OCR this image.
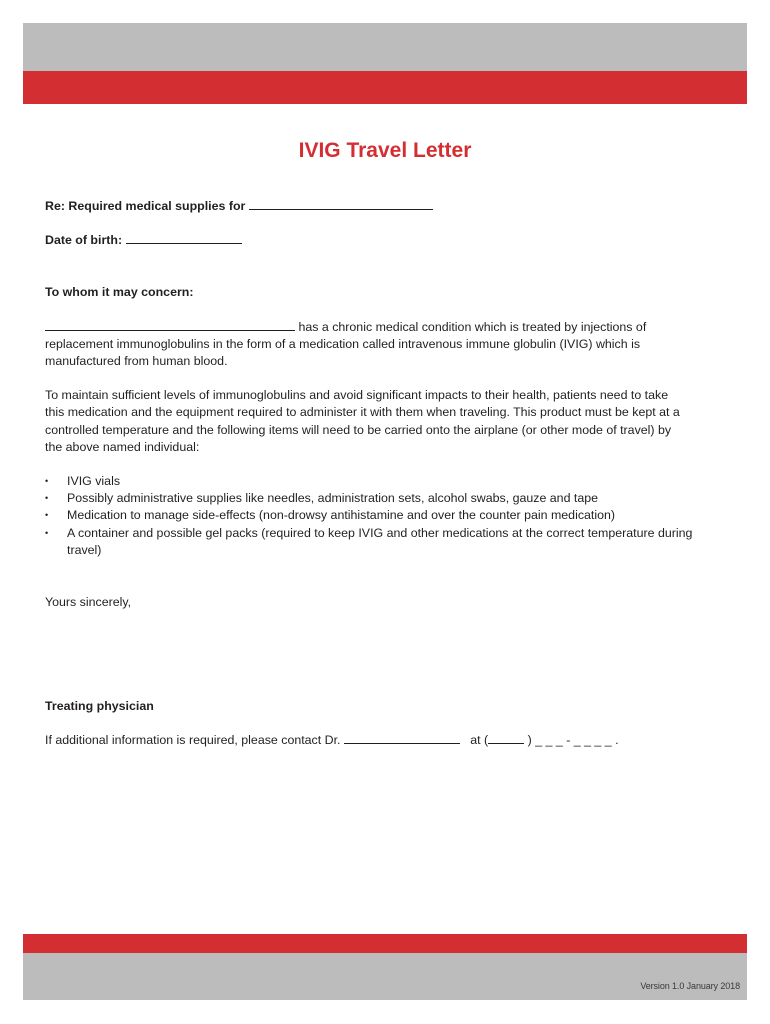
IVIG Travel Letter

Re: Required medical supplies for

Date of birth:

To whom it may concern:

has a chronic medical condition which is treated by injections of
replacement immunoglobulins in the form of a medication called intravenous immune globulin (IVIG) which is
manufactured from human blood.

To maintain sufficient levels of immunoglobulins and avoid significant impacts to their health, patients need to take
this medication and the equipment required to administer it with them when traveling. This product must be kept at a
controlled temperature and the following items will need to be carried onto the airplane (or other mode of travel) by
the above named individual:

• IVIG vials
• Possibly administrative supplies like needles, administration sets, alcohol swabs, gauze and tape
• Medication to manage side-effects (non-drowsy antihistamine and over the counter pain medication)
• A container and possible gel packs (required to keep IVIG and other medications at the correct temperature during
travel)

Yours sincerely,

Treating physician

If additional information is required, please contact Dr.	at (	) _ _ _ - _ _ _ _ .

Version 1.0 January 2018
